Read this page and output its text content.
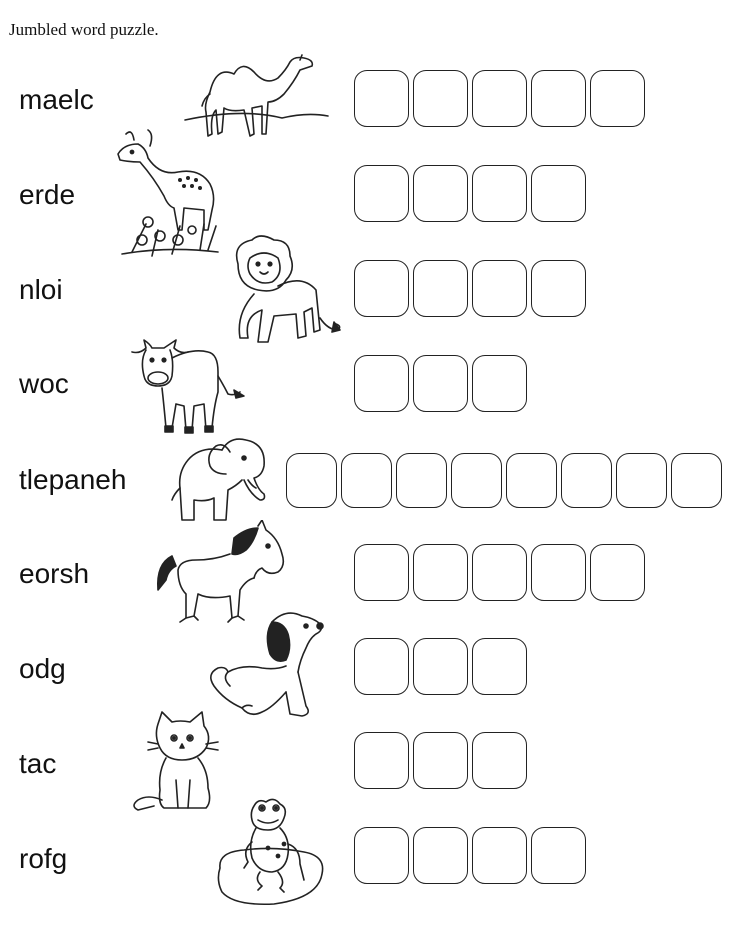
Jumbled word puzzle.
maelc
erde
nloi
woc
tlepaneh
eorsh
odg
tac
rofg
